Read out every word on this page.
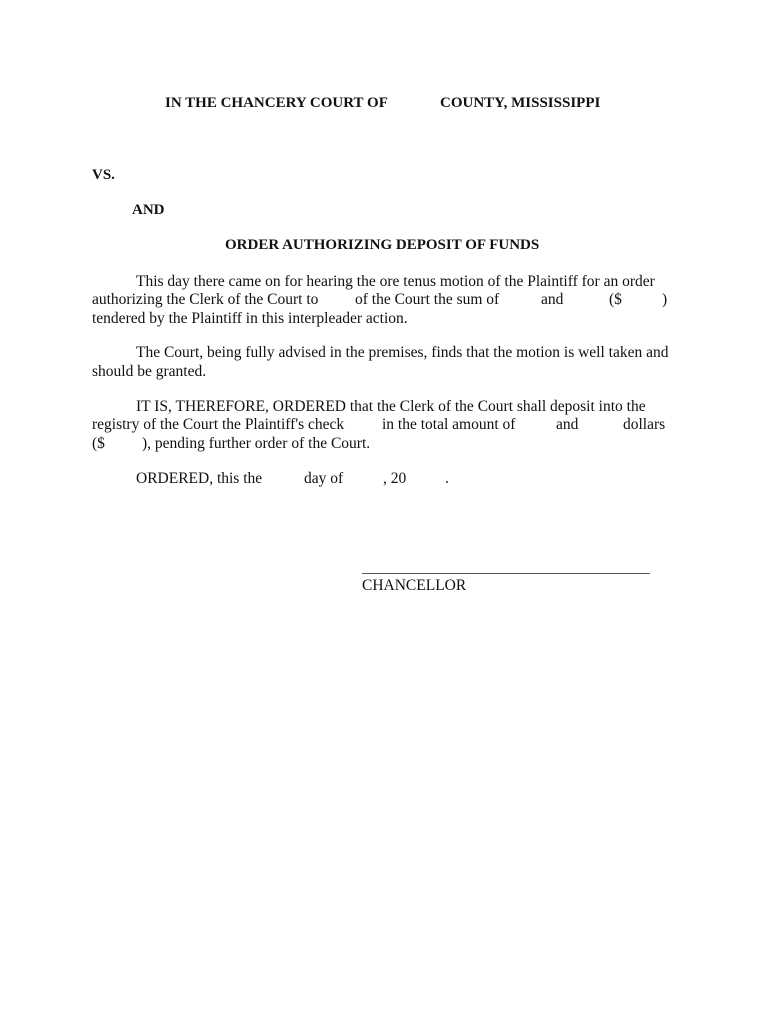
IN THE CHANCERY COURT OF	COUNTY, MISSISSIPPI
VS.
AND
ORDER AUTHORIZING DEPOSIT OF FUNDS
This day there came on for hearing the ore tenus motion of the Plaintiff for an order
authorizing the Clerk of the Court to of the Court the sum of	and	($	)
tendered by the Plaintiff in this interpleader action.
The Court, being fully advised in the premises, finds that the motion is well taken and
should be granted.
IT IS, THEREFORE, ORDERED that the Clerk of the Court shall deposit into the
registry of the Court the Plaintiff's check in the total amount of	and	dollars
($ ), pending further order of the Court.
ORDERED, this the	day of	, 20	.
CHANCELLOR
